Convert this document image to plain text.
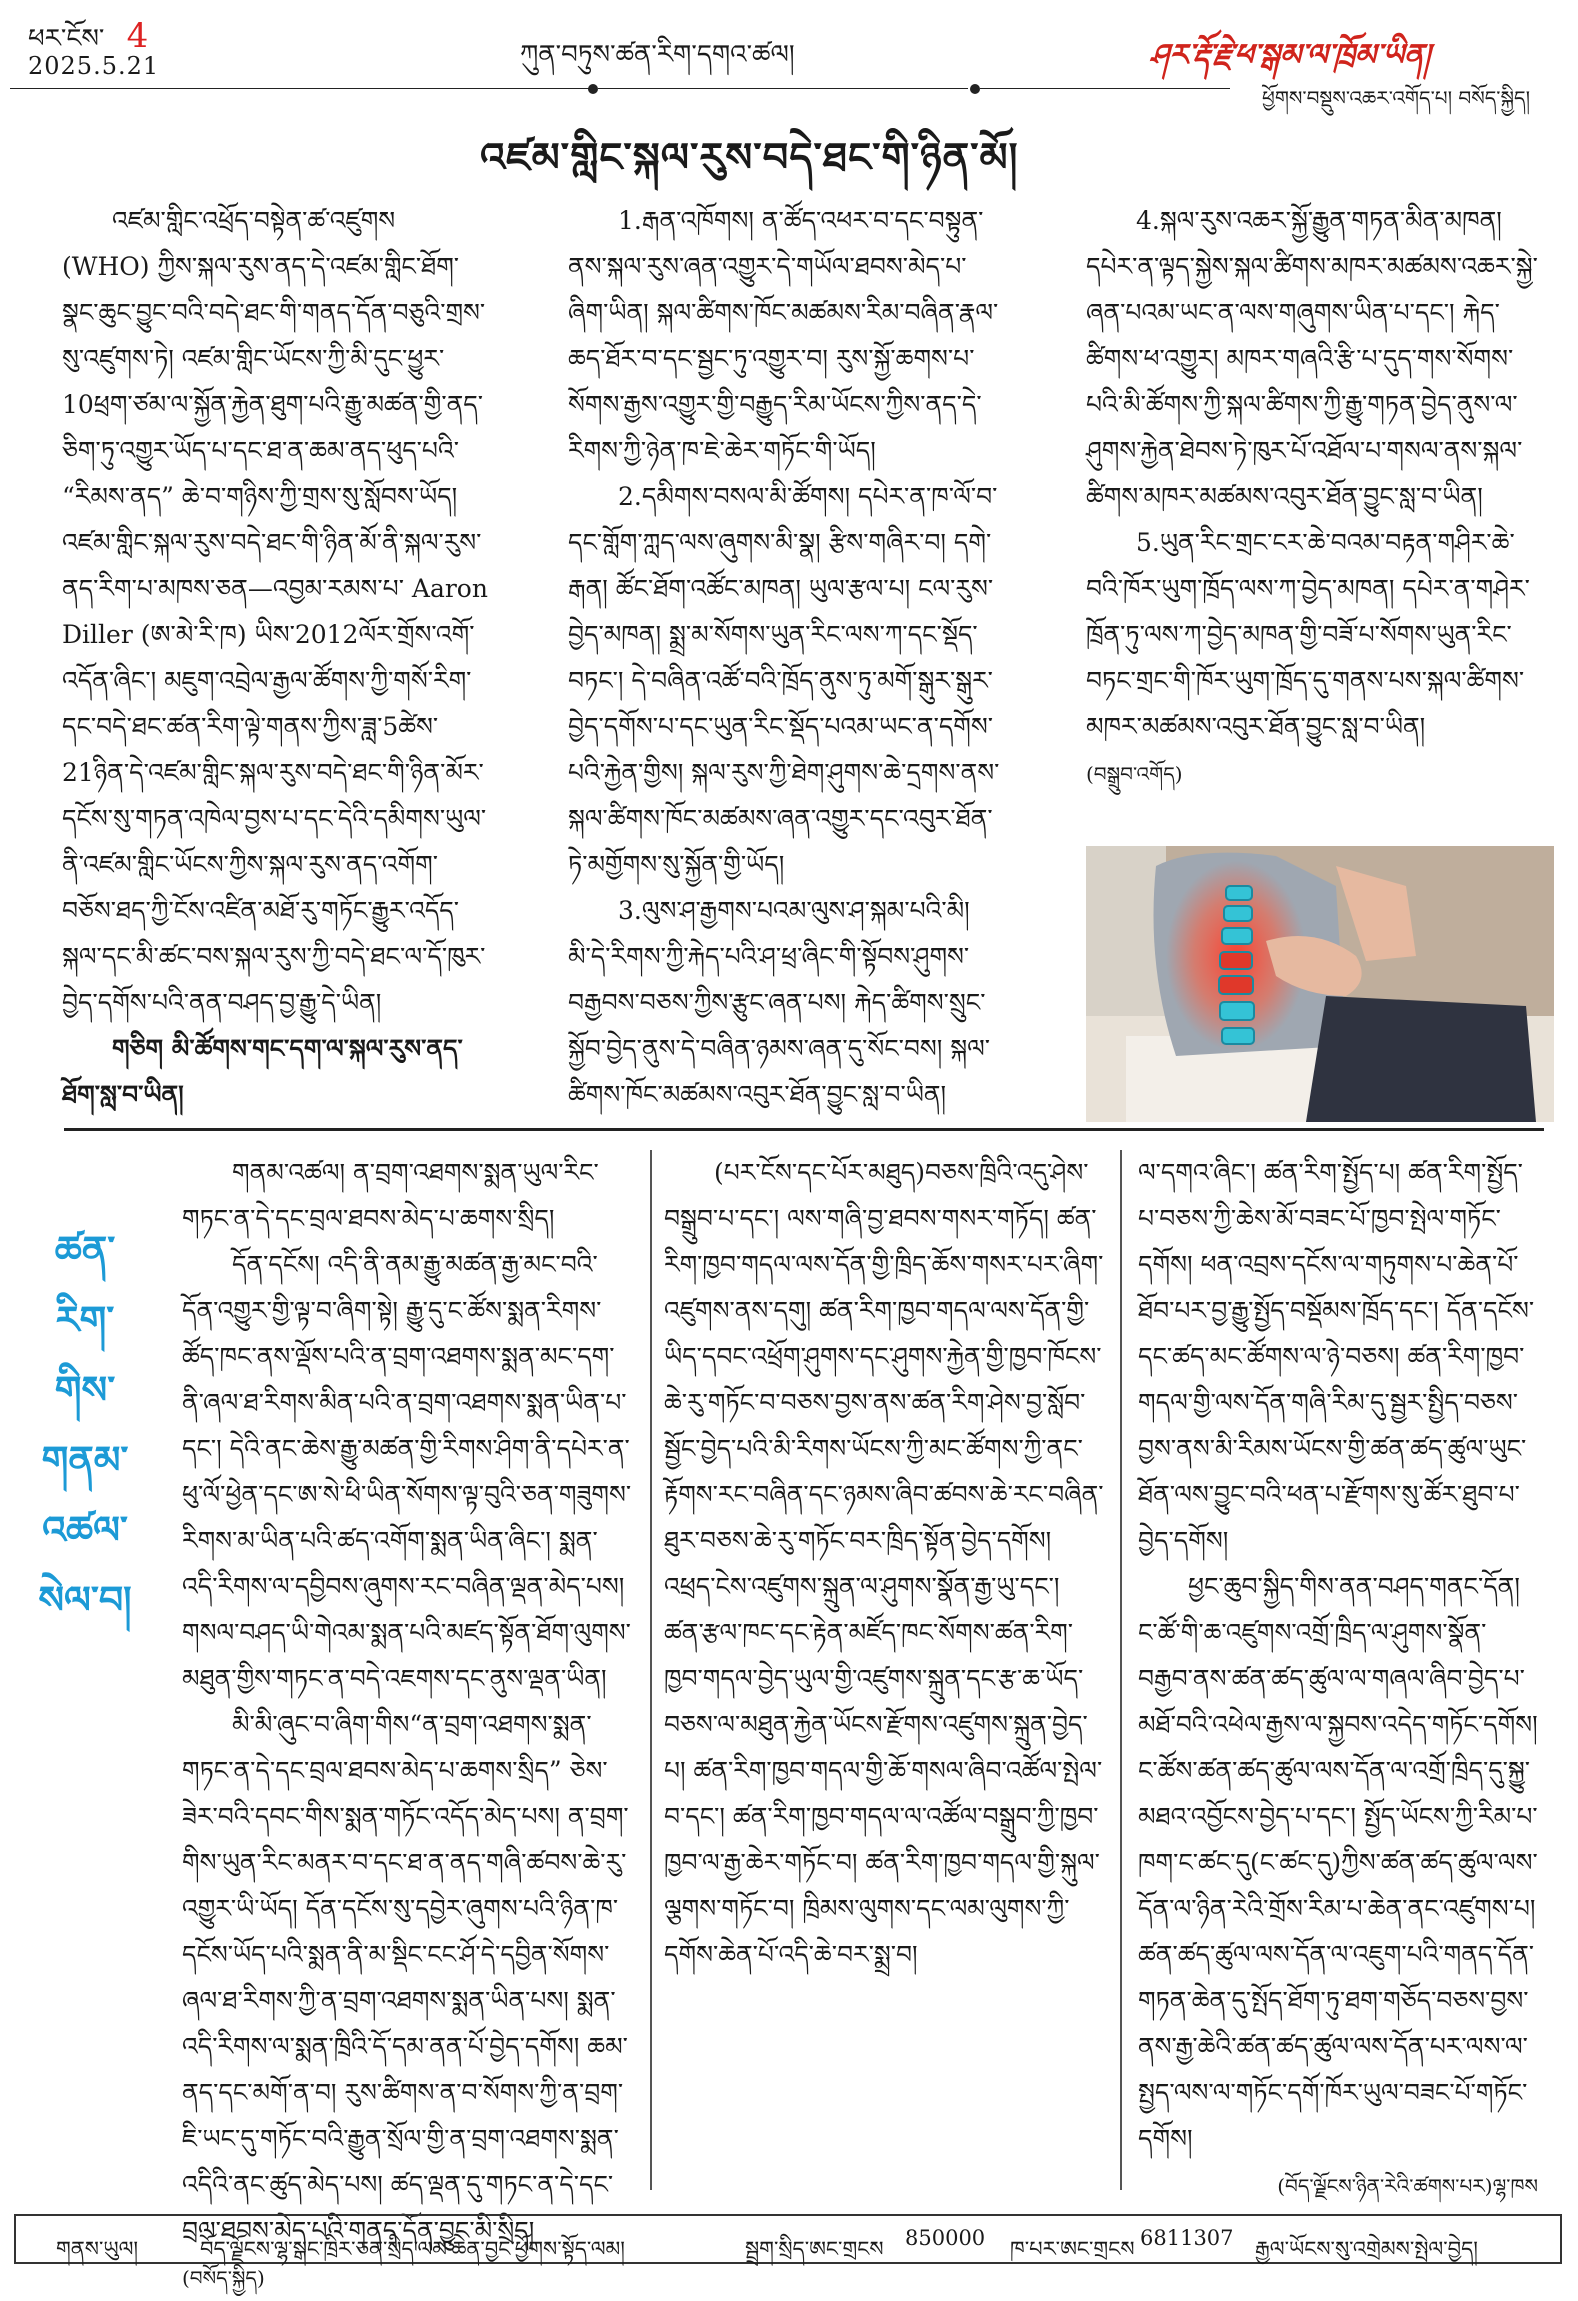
ཕར་ངོས་ 4
2025.5.21	ཀུན་བཏུས་ཚན་རིག་དགའ་ཚལ།	ཤར་རྡོ་རྗེ་ཕ་སྒམ་ལ་ཁྲོམ་ཡིན།
ཕྱོགས་བསྡུས་འཆར་འགོད་པ། བསོད་སྐྱིད།
འཛམ་གླིང་སྐལ་རུས་བདེ་ཐང་གི་ཉིན་མོ།

འཛམ་གླིང་འཕྲོད་བསྟེན་ཚ་འཛུགས (WHO) ཀྱིས་སྐལ་རུས་ནད་དེ་འཛམ་གླིང་ཐོག་སྣང་ཆུང་བྱུང་བའི་བདེ་ཐང་གི་གནད་དོན་བཅུའི་གྲས་སུ་འཛུགས་ཏེ། འཛམ་གླིང་ཡོངས་ཀྱི་མི་དུང་ཕྱུར་10ཕྲག་ཙམ་ལ་སྐྱོན་རྐྱེན་ཐུག་པའི་རྒྱུ་མཚན་གྱི་ནད་ཅིག་ཏུ་འགྱུར་ཡོད་པ་དང་ཐ་ན་ཆམ་ནད་ཕུད་པའི་ “རིམས་ནད” ཆེ་བ་གཉིས་ཀྱི་གྲས་སུ་སློབས་ཡོད། འཛམ་གླིང་སྐལ་རུས་བདེ་ཐང་གི་ཉིན་མོ་ནི་སྐལ་རུས་ནད་རིག་པ་མཁས་ཅན—འབྱམ་རམས་པ་ Aaron Diller (ཨ་མེ་རི་ཁ) ཡིས་2012ལོར་གྲོས་འགོ་འདོན་ཞིང་། མཇུག་འབྲེལ་རྒྱལ་ཚོགས་ཀྱི་གསོ་རིག་དང་བདེ་ཐང་ཚན་རིག་ལྟེ་གནས་ཀྱིས་ཟླ་5ཚེས་21ཉིན་དེ་འཛམ་གླིང་སྐལ་རུས་བདེ་ཐང་གི་ཉིན་མོར་དངོས་སུ་གཏན་འཁེལ་བྱས་པ་དང་དེའི་དམིགས་ཡུལ་ནི་འཛམ་གླིང་ཡོངས་ཀྱིས་སྐལ་རུས་ནད་འགོག་བཅོས་ཐད་ཀྱི་ངོས་འཛིན་མཐོ་རུ་གཏོང་རྒྱུར་འདོད་སྐལ་དང་མི་ཚང་བས་སྐལ་རུས་ཀྱི་བདེ་ཐང་ལ་དོ་ཁུར་བྱེད་དགོས་པའི་ནན་བཤད་བྱ་རྒྱུ་དེ་ཡིན།

གཅིག མི་ཚོགས་གང་དག་ལ་སྐལ་རུས་ནད་ཐོག་སླ་བ་ཡིན།

1.རྒན་འཁོགས། ན་ཚོད་འཕར་བ་དང་བསྟུན་ནས་སྐལ་རུས་ཞན་འགྱུར་དེ་གཡོལ་ཐབས་མེད་པ་ཞིག་ཡིན། སྐལ་ཚིགས་ཁོང་མཚམས་རིམ་བཞིན་རྣལ་ཆད་ཐོར་བ་དང་སྦྱང་ཏུ་འགྱུར་བ། རུས་སྐྱོ་ཆགས་པ་སོགས་རྒྱས་འགྱུར་གྱི་བརྒྱུད་རིམ་ཡོངས་ཀྱིས་ནད་དེ་རིགས་ཀྱི་ཉེན་ཁ་ཇེ་ཆེར་གཏོང་གི་ཡོད།

2.དམིགས་བསལ་མི་ཚོགས། དཔེར་ན་ཁ་ལོ་བ་དང་གློག་ཀླད་ལས་ཞུགས་མི་སྣ། རྩིས་གཞིར་བ། དགེ་རྒན། ཚོང་ཐོག་འཚོང་མཁན། ཡུལ་རྩལ་པ། ངལ་རུས་བྱེད་མཁན། སྨྲ་མ་སོགས་ཡུན་རིང་ལས་ཀ་དང་སྡོད་བཏང་། དེ་བཞིན་འཚོ་བའི་ཁྲོད་ནུས་ཏུ་མགོ་སྒུར་སྒུར་བྱེད་དགོས་པ་དང་ཡུན་རིང་སྡོད་པའམ་ཡང་ན་དགོས་པའི་རྐྱེན་གྱིས། སྐལ་རུས་ཀྱི་ཐེག་ཤུགས་ཆེ་དྲགས་ནས་སྐལ་ཚིགས་ཁོང་མཚམས་ཞན་འགྱུར་དང་འབུར་ཐོན་ཏེ་མགྱོགས་སུ་སྐྱོན་གྱི་ཡོད།

3.ལུས་ཤ་རྒྱགས་པའམ་ལུས་ཤ་སྐམ་པའི་མི། མི་དེ་རིགས་ཀྱི་རྐེད་པའི་ཤ་ཕྲ་ཞིང་གི་སྟོབས་ཤུགས་བརྒྱབས་བཅས་ཀྱིས་རྩུང་ཞན་པས། རྐེད་ཚིགས་སྲུང་སྐྱོབ་བྱེད་ནུས་དེ་བཞིན་ཉམས་ཞན་དུ་སོང་བས། སྐལ་ཚིགས་ཁོང་མཚམས་འབུར་ཐོན་བྱུང་སླ་བ་ཡིན།

4.སྐལ་རུས་འཆར་སྐྱོ་རྒྱུན་གཏན་མིན་མཁན། དཔེར་ན་ལྟད་སྐྱེས་སྐལ་ཚིགས་མཁར་མཚམས་འཆར་སྐྱེ་ཞན་པའམ་ཡང་ན་ལས་གཞུགས་ཡིན་པ་དང་། རྐེད་ཚིགས་ཕ་འགྱུར། མཁར་གཞའི་རྩི་པ་དུད་གས་སོགས་པའི་མི་ཚོགས་ཀྱི་སྐལ་ཚིགས་ཀྱི་རྒྱུ་གཏན་བྱེད་ནུས་ལ་ཤུགས་རྐྱེན་ཐེབས་ཏེ་ཁུར་པོ་འཐོལ་པ་གསལ་ནས་སྐལ་ཚིགས་མཁར་མཚམས་འབུར་ཐོན་བྱུང་སླ་བ་ཡིན།

5.ཡུན་རིང་གྲང་ངར་ཆེ་བའམ་བརྟན་གཤིར་ཆེ་བའི་ཁོར་ཡུག་ཁྲོད་ལས་ཀ་བྱེད་མཁན། དཔེར་ན་གཤེར་ཁྲོན་ཏུ་ལས་ཀ་བྱེད་མཁན་གྱི་བཟོ་པ་སོགས་ཡུན་རིང་བཏང་གྲང་གི་ཁོར་ཡུག་ཁྲོད་དུ་གནས་པས་སྐལ་ཚིགས་མཁར་མཚམས་འབུར་ཐོན་བྱུང་སླ་བ་ཡིན།

(བསྒྲུབ་འགོད)

ཚན་རིག་
གིས་
གནམ་
འཚལ་
སེལ་བ།

གནམ་འཚལ། ན་བྲག་འཐགས་སྨན་ཡུལ་རིང་གཏང་ན་དེ་དང་བྲལ་ཐབས་མེད་པ་ཆགས་སྲིད།

དོན་དངོས། འདི་ནི་ནམ་རྒྱུ་མཚན་རྒྱ་མང་བའི་དོན་འགྱུར་གྱི་ལྟ་བ་ཞིག་སྟེ། རྒྱུ་དུ་ང་ཚོས་སྨན་རིགས་ཚོད་ཁང་ནས་ལྡོས་པའི་ན་བྲག་འཐགས་སྨན་མང་དག་ནི་ཞལ་ཐ་རིགས་མིན་པའི་ན་བྲག་འཐགས་སྨན་ཡིན་པ་དང་། དེའི་ནང་ཆེས་རྒྱུ་མཚན་གྱི་རིགས་ཤིག་ནི་དཔེར་ན་ཕུ་ལོ་ཕྱེན་དང་ཨ་སེ་ཕི་ཡིན་སོགས་ལྟ་བུའི་ཅན་གཟུགས་རིགས་མ་ཡིན་པའི་ཚད་འགོག་སྨན་ཡིན་ཞིང་། སྨན་འདི་རིགས་ལ་དབྱིབས་ཞུགས་རང་བཞིན་ལྡན་མེད་པས། གསལ་བཤད་ཡི་གེའམ་སྨན་པའི་མཛད་སྟོན་ཐོག་ལུགས་མཐུན་གྱིས་གཏང་ན་བདེ་འཇགས་དང་ནུས་ལྡན་ཡིན།

མི་མི་ཞུང་བ་ཞིག་གིས“ན་བྲག་འཐགས་སྨན་གཏང་ན་དེ་དང་བྲལ་ཐབས་མེད་པ་ཆགས་སྲིད” ཅེས་ཟེར་བའི་དབང་གིས་སྨན་གཏོང་འདོད་མེད་པས། ན་བྲག་གིས་ཡུན་རིང་མནར་བ་དང་ཐ་ན་ནད་གཞི་ཚབས་ཆེ་རུ་འགྱུར་ཡི་ཡོད། དོན་དངོས་སུ་དབྱེར་ཞུགས་པའི་ཉིན་ཁ་དངོས་ཡོད་པའི་སྨན་ནི་མ་སྡིང་ངང་ཤོ་དེ་དབྱིན་སོགས་ཞལ་ཐ་རིགས་ཀྱི་ན་བྲག་འཐགས་སྨན་ཡིན་པས། སྨན་འདི་རིགས་ལ་སྨན་ཁྲིའི་དོ་དམ་ནན་པོ་བྱེད་དགོས། ཆམ་ནད་དང་མགོ་ན་བ། རུས་ཚིགས་ན་བ་སོགས་ཀྱི་ན་བྲག་ཇི་ཡང་དུ་གཏོང་བའི་རྒྱུན་སྲོལ་གྱི་ན་བྲག་འཐགས་སྨན་འདིའི་ནང་ཚུད་མེད་པས། ཚད་ལྡན་དུ་གཏང་ན་དེ་དང་བྲལ་ཐབས་མེད་པའི་གནད་དོན་བྱུང་མི་སྲིད།

(བསོད་སྐྱིད)

(པར་ངོས་དང་པོར་མཐུད)བཅས་ཁྲིའི་འདུ་ཤེས་བསྒྲུབ་པ་དང་། ལས་གཞི་བྱ་ཐབས་གསར་གཏོད། ཚན་རིག་ཁྱབ་གདལ་ལས་དོན་གྱི་ཁྲིད་ཆོས་གསར་པར་ཞིག་འཛུགས་ནས་དགུ། ཚན་རིག་ཁྱབ་གདལ་ལས་དོན་གྱི་ཡིད་དབང་འཕྲོག་ཤུགས་དང་ཤུགས་རྐྱེན་གྱི་ཁྱབ་ཁོངས་ཆེ་རུ་གཏོང་བ་བཅས་བྱས་ནས་ཚན་རིག་ཤེས་བྱ་སློབ་སྦྱོང་བྱེད་པའི་མི་རིགས་ཡོངས་ཀྱི་མང་ཚོགས་ཀྱི་ནང་རྟོགས་རང་བཞིན་དང་ཉམས་ཞིབ་ཚབས་ཆེ་རང་བཞིན་ཐུར་བཅས་ཆེ་རུ་གཏོང་བར་ཁྲིད་སྟོན་བྱེད་དགོས། འཕྲད་ངེས་འཛུགས་སྐྲུན་ལ་ཤུགས་སྣོན་རྒྱ་ཡུ་དང་། ཚན་རྩལ་ཁང་དང་རྟེན་མཛོད་ཁང་སོགས་ཚན་རིག་ཁྱབ་གདལ་བྱེད་ཡུལ་གྱི་འཛུགས་སྐྲུན་དང་རྩ་ཆ་ཡོད་བཅས་ལ་མཐུན་རྐྱེན་ཡོངས་རྫོགས་འཛུགས་སྐྲུན་བྱེད་པ། ཚན་རིག་ཁྱབ་གདལ་གྱི་ཆོ་གསལ་ཞིབ་འཚོལ་སྤེལ་བ་དང་། ཚན་རིག་ཁྱབ་གདལ་ལ་འཚོལ་བསྒྲུབ་ཀྱི་ཁྱབ་ཁྱབ་ལ་རྒྱ་ཆེར་གཏོང་བ། ཚན་རིག་ཁྱབ་གདལ་གྱི་སྐུལ་ལྕགས་གཏོང་བ། ཁྲིམས་ལུགས་དང་ལམ་ལུགས་ཀྱི་དགོས་ཆེན་པོ་འདི་ཆེ་བར་སྨྲ་བ།

ལ་དགའ་ཞིང་། ཚན་རིག་སྤྱོད་པ། ཚན་རིག་སྤྱོད་པ་བཅས་ཀྱི་ཆེས་མོ་བཟང་པོ་ཁྱབ་སྤེལ་གཏོང་དགོས། ཕན་འབྲས་དངོས་ལ་གཏུགས་པ་ཆེན་པོ་ཐོབ་པར་བྱ་རྒྱུ་སྤྱོད་བསྡོམས་ཁྲོད་དང་། དོན་དངོས་དང་ཚད་མང་ཚོགས་ལ་ཉེ་བཅས། ཚན་རིག་ཁྱབ་གདལ་གྱི་ལས་དོན་གཞི་རིམ་དུ་སྦྱར་སྤྱིད་བཅས་བྱས་ནས་མི་རིམས་ཡོངས་གྱི་ཚན་ཚད་ཚུལ་ཡུང་ཐོན་ལས་བྱུང་བའི་ཕན་པ་རྫོགས་སུ་ཚོར་ཐུབ་པ་བྱེད་དགོས།

ཕྱང་ཆུབ་སྐྱིད་གིས་ནན་བཤད་གནང་དོན། ང་ཚོ་གི་ཆ་འཛུགས་འགྲོ་ཁྲིད་ལ་ཤུགས་སྣོན་བརྒྱབ་ནས་ཚན་ཚད་ཚུལ་ལ་གཞལ་ཞིབ་བྱེད་པ་མཐོ་བའི་འཕེལ་རྒྱས་ལ་སྐྱབས་འདེད་གཏོང་དགོས། ང་ཚོས་ཚན་ཚད་ཚུལ་ལས་དོན་ལ་འགྲོ་ཁྲིད་དུ་སྐྱུ་མཐའ་འབྱོངས་བྱེད་པ་དང་། སྤྱོད་ཡོངས་ཀྱི་རིམ་པ་ཁག་ང་ཚང་དུ(ང་ཚང་དུ)ཀྱིས་ཚན་ཚད་ཚུལ་ལས་དོན་ལ་ཉིན་རེའི་གྲོས་རིམ་པ་ཆེན་ནང་འཛུགས་པ། ཚན་ཚད་ཚུལ་ལས་དོན་ལ་འཇུག་པའི་གནད་དོན་གཏན་ཆེན་དུ་སྤོད་ཐོག་ཏུ་ཐག་གཅོད་བཅས་བྱས་ནས་རྒྱ་ཆེའི་ཚན་ཚད་ཚུལ་ལས་དོན་པར་ལས་ལ་སྤྱད་ལས་ལ་གཏོང་དགོ་ཁོར་ཡུལ་བཟང་པོ་གཏོང་དགོས།

(བོད་ལྗོངས་ཉིན་རེའི་ཚགས་པར)ལྷ་ཁས

གནས་ཡུལ།	བོད་ལྗོངས་ལྷ་སྒང་ཁྲིར་ཅན་སྲིད་ལམ་ཆེན་བྱང་ཕྱོགས་སྟོད་ལམ།	སྦྲག་སྲིད་ཨང་གྲངས 850000 ཁ་པར་ཨང་གྲངས 6811307 རྒྱལ་ཡོངས་སུ་འགྲེམས་སྤེལ་བྱེད།
